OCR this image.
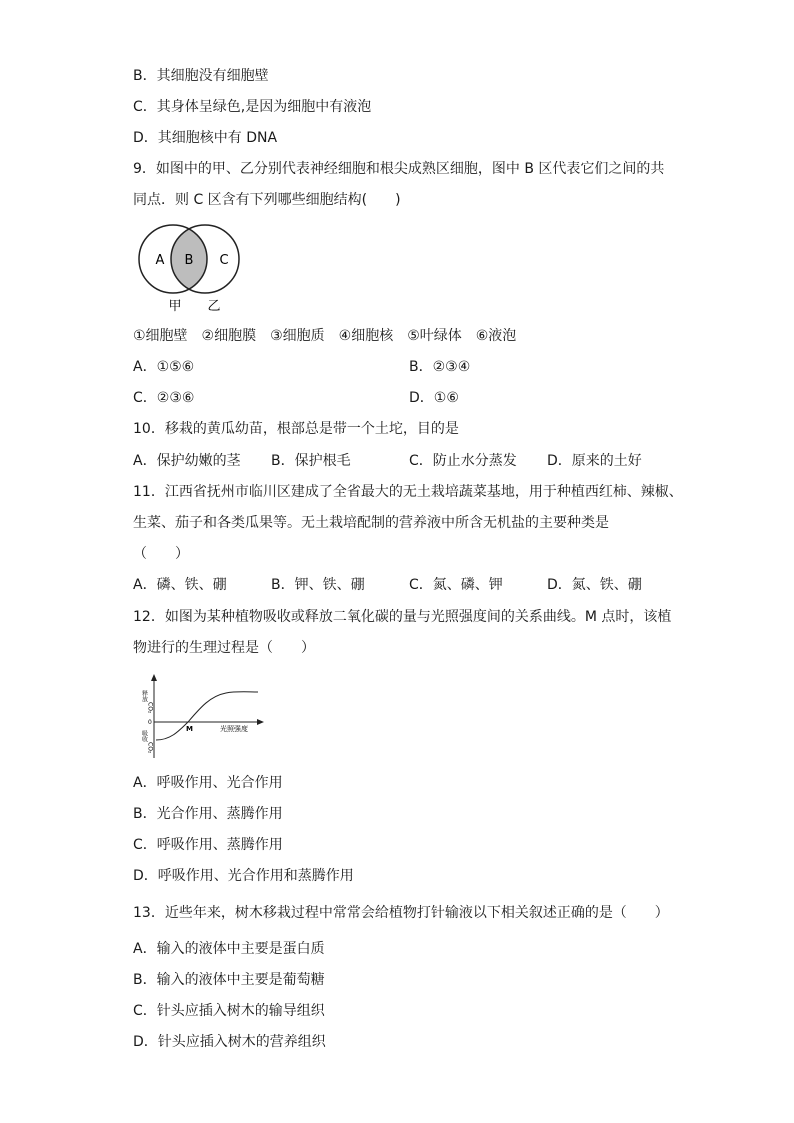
B．其细胞没有细胞壁
C．其身体呈绿色,是因为细胞中有液泡
D．其细胞核中有 DNA
9．如图中的甲、乙分别代表神经细胞和根尖成熟区细胞，图中 B 区代表它们之间的共
同点．则 C 区含有下列哪些细胞结构(　　)
A B C
甲 乙
①细胞壁　②细胞膜　③细胞质　④细胞核　⑤叶绿体　⑥液泡
A．①⑤⑥	B．②③④
C．②③⑥	D．①⑥
10．移栽的黄瓜幼苗，根部总是带一个土坨，目的是
A．保护幼嫩的茎 B．保护根毛	C．防止水分蒸发 D．原来的土好
11．江西省抚州市临川区建成了全省最大的无土栽培蔬菜基地，用于种植西红柿、辣椒、
生菜、茄子和各类瓜果等。无土栽培配制的营养液中所含无机盐的主要种类是
（　　）
A．磷、铁、硼	B．钾、铁、硼	C．氮、磷、钾	D．氮、铁、硼
12．如图为某种植物吸收或释放二氧化碳的量与光照强度间的关系曲线。M 点时，该植
物进行的生理过程是（　　）
释放
CO₂
吸收
CO₂
0
M	光照强度
A．呼吸作用、光合作用
B．光合作用、蒸腾作用
C．呼吸作用、蒸腾作用
D．呼吸作用、光合作用和蒸腾作用
13．近些年来，树木移栽过程中常常会给植物打针输液以下相关叙述正确的是（　　）
A．输入的液体中主要是蛋白质
B．输入的液体中主要是葡萄糖
C．针头应插入树木的输导组织
D．针头应插入树木的营养组织
